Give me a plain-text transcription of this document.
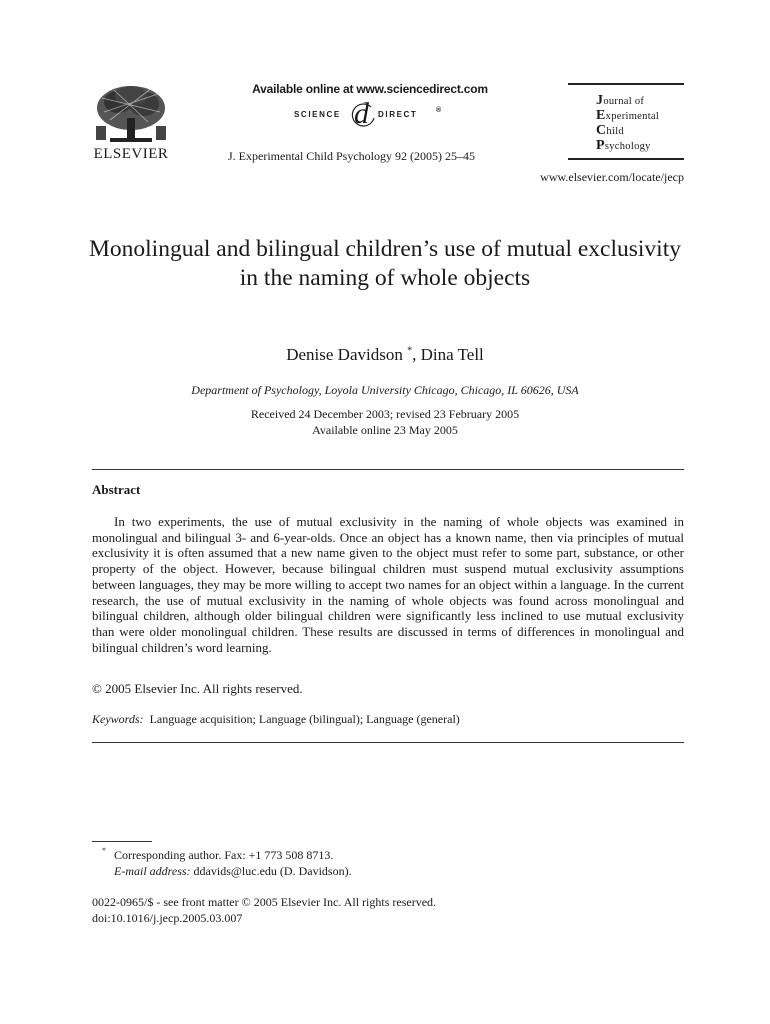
ELSEVIER
Available online at www.sciencedirect.com
SCIENCE d DIRECT	®
J. Experimental Child Psychology 92 (2005) 25–45
Journal of
Experimental
Child
Psychology
www.elsevier.com/locate/jecp
Monolingual and bilingual children’s use of mutual exclusivity in the naming of whole objects
Denise Davidson *, Dina Tell
Department of Psychology, Loyola University Chicago, Chicago, IL 60626, USA
Received 24 December 2003; revised 23 February 2005
Available online 23 May 2005
Abstract
In two experiments, the use of mutual exclusivity in the naming of whole objects was examined in monolingual and bilingual 3- and 6-year-olds. Once an object has a known name, then via principles of mutual exclusivity it is often assumed that a new name given to the object must refer to some part, substance, or other property of the object. However, because bilingual children must suspend mutual exclusivity assumptions between languages, they may be more willing to accept two names for an object within a language. In the current research, the use of mutual exclusivity in the naming of whole objects was found across monolingual and bilingual children, although older bilingual children were significantly less inclined to use mutual exclusivity than were older monolingual children. These results are discussed in terms of differences in monolingual and bilingual children’s word learning.
© 2005 Elsevier Inc. All rights reserved.
Keywords: Language acquisition; Language (bilingual); Language (general)
* Corresponding author. Fax: +1 773 508 8713.
E-mail address: ddavids@luc.edu (D. Davidson).
0022-0965/$ - see front matter © 2005 Elsevier Inc. All rights reserved.
doi:10.1016/j.jecp.2005.03.007
